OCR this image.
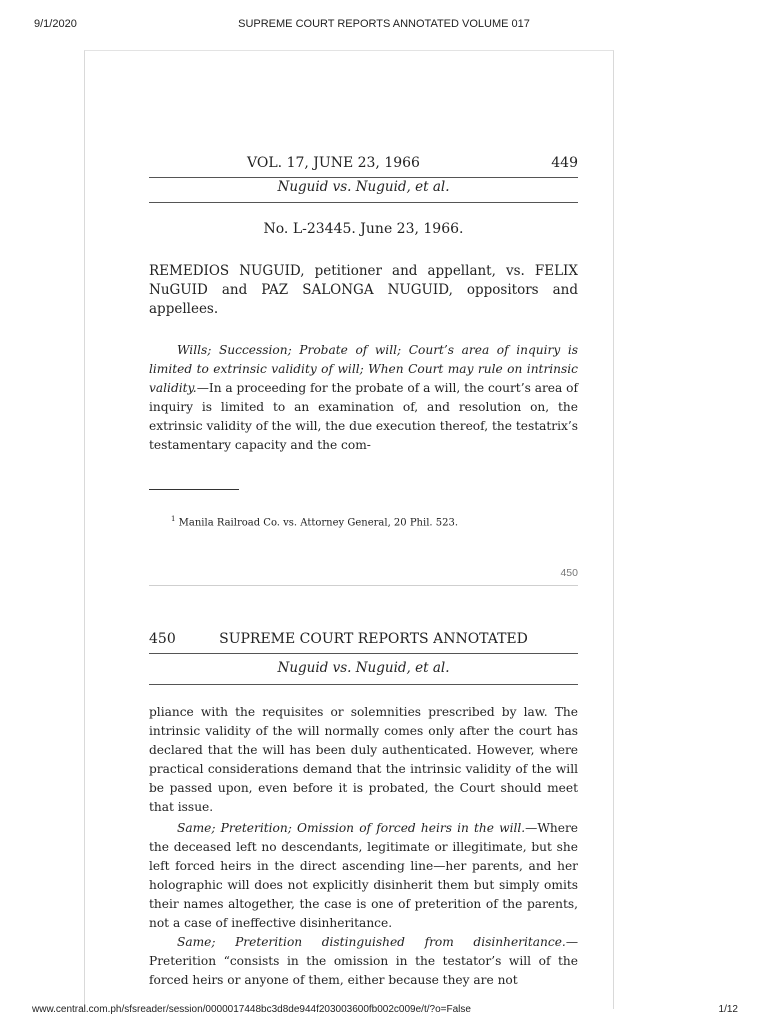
9/1/2020	SUPREME COURT REPORTS ANNOTATED VOLUME 017
VOL. 17, JUNE 23, 1966	449
Nuguid vs. Nuguid, et al.
No. L-23445. June 23, 1966.
REMEDIOS NUGUID, petitioner and appellant, vs. FELIX NuGUID and PAZ SALONGA NUGUID, oppositors and appellees.
Wills; Succession; Probate of will; Court’s area of inquiry is limited to extrinsic validity of will; When Court may rule on intrinsic validity.—In a proceeding for the probate of a will, the court’s area of inquiry is limited to an examination of, and resolution on, the extrinsic validity of the will, the due execution thereof, the testatrix’s testamentary capacity and the com-
$^1$ Manila Railroad Co. vs. Attorney General, 20 Phil. 523.
450
450	SUPREME COURT REPORTS ANNOTATED
Nuguid vs. Nuguid, et al.
pliance with the requisites or solemnities prescribed by law. The intrinsic validity of the will normally comes only after the court has declared that the will has been duly authenticated. However, where practical considerations demand that the intrinsic validity of the will be passed upon, even before it is probated, the Court should meet that issue.
Same; Preterition; Omission of forced heirs in the will.—Where the deceased left no descendants, legitimate or illegitimate, but she left forced heirs in the direct ascending line—her parents, and her holographic will does not explicitly disinherit them but simply omits their names altogether, the case is one of preterition of the parents, not a case of ineffective disinheritance.
Same; Preterition distinguished from disinheritance.—Preterition “consists in the omission in the testator’s will of the forced heirs or anyone of them, either because they are not
www.central.com.ph/sfsreader/session/0000017448bc3d8de944f203003600fb002c009e/t/?o=False	1/12
